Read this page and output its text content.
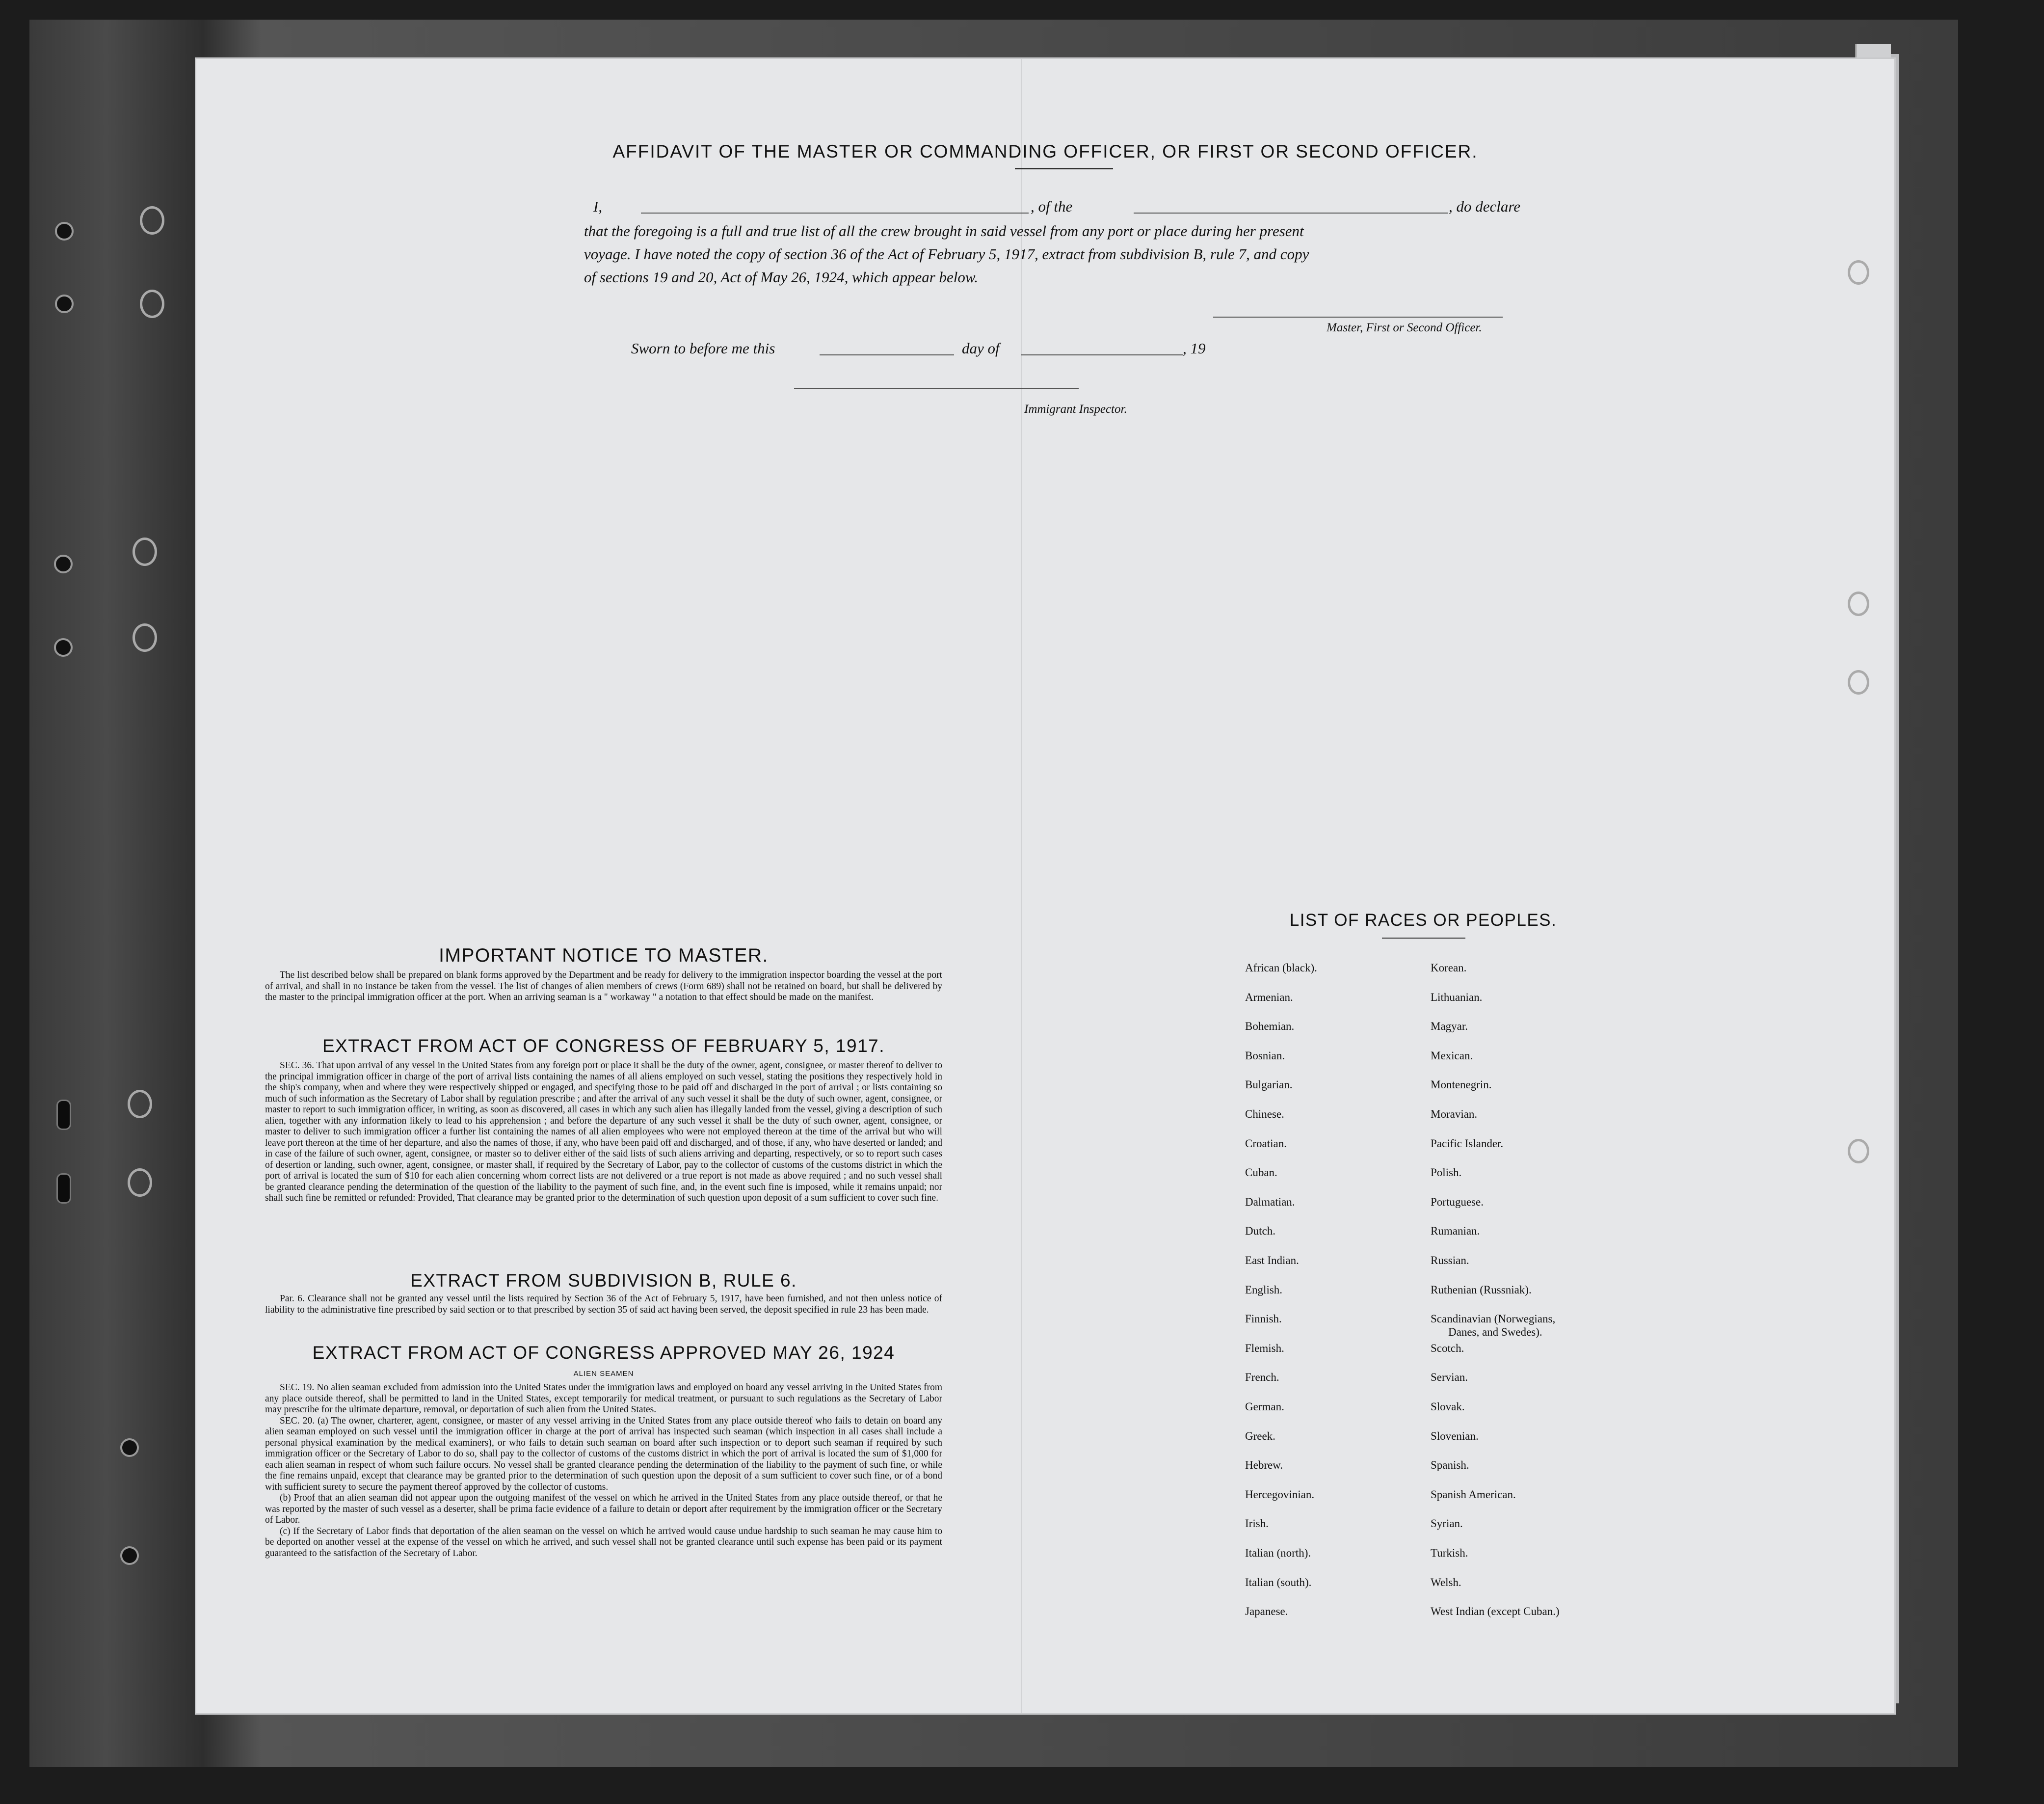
AFFIDAVIT OF THE MASTER OR COMMANDING OFFICER, OR FIRST OR SECOND OFFICER.
I,	, of the	, do declare
that the foregoing is a full and true list of all the crew brought in said vessel from any port or place during her present
voyage. I have noted the copy of section 36 of the Act of February 5, 1917, extract from subdivision B, rule 7, and copy
of sections 19 and 20, Act of May 26, 1924, which appear below.
Master, First or Second Officer.
Sworn to before me this	day of	, 19
Immigrant Inspector.
IMPORTANT NOTICE TO MASTER.

The list described below shall be prepared on blank forms approved by the Department and be ready for delivery to the immigration inspector boarding the vessel at the port of arrival, and shall in no instance be taken from the vessel. The list of changes of alien members of crews (Form 689) shall not be retained on board, but shall be delivered by the master to the principal immigration officer at the port. When an arriving seaman is a " workaway " a notation to that effect should be made on the manifest.

EXTRACT FROM ACT OF CONGRESS OF FEBRUARY 5, 1917.

SEC. 36. That upon arrival of any vessel in the United States from any foreign port or place it shall be the duty of the owner, agent, consignee, or master thereof to deliver to the principal immigration officer in charge of the port of arrival lists containing the names of all aliens employed on such vessel, stating the positions they respectively hold in the ship's company, when and where they were respectively shipped or engaged, and specifying those to be paid off and discharged in the port of arrival ; or lists containing so much of such information as the Secretary of Labor shall by regulation prescribe ; and after the arrival of any such vessel it shall be the duty of such owner, agent, consignee, or master to report to such immigration officer, in writing, as soon as discovered, all cases in which any such alien has illegally landed from the vessel, giving a description of such alien, together with any information likely to lead to his apprehension ; and before the departure of any such vessel it shall be the duty of such owner, agent, consignee, or master to deliver to such immigration officer a further list containing the names of all alien employees who were not employed thereon at the time of the arrival but who will leave port thereon at the time of her departure, and also the names of those, if any, who have been paid off and discharged, and of those, if any, who have deserted or landed; and in case of the failure of such owner, agent, consignee, or master so to deliver either of the said lists of such aliens arriving and departing, respectively, or so to report such cases of desertion or landing, such owner, agent, consignee, or master shall, if required by the Secretary of Labor, pay to the collector of customs of the customs district in which the port of arrival is located the sum of $10 for each alien concerning whom correct lists are not delivered or a true report is not made as above required ; and no such vessel shall be granted clearance pending the determination of the question of the liability to the payment of such fine, and, in the event such fine is imposed, while it remains unpaid; nor shall such fine be remitted or refunded: Provided, That clearance may be granted prior to the determination of such question upon deposit of a sum sufficient to cover such fine.

EXTRACT FROM SUBDIVISION B, RULE 6.

Par. 6. Clearance shall not be granted any vessel until the lists required by Section 36 of the Act of February 5, 1917, have been furnished, and not then unless notice of liability to the administrative fine prescribed by said section or to that prescribed by section 35 of said act having been served, the deposit specified in rule 23 has been made.

EXTRACT FROM ACT OF CONGRESS APPROVED MAY 26, 1924
ALIEN SEAMEN

SEC. 19. No alien seaman excluded from admission into the United States under the immigration laws and employed on board any vessel arriving in the United States from any place outside thereof, shall be permitted to land in the United States, except temporarily for medical treatment, or pursuant to such regulations as the Secretary of Labor may prescribe for the ultimate departure, removal, or deportation of such alien from the United States.

SEC. 20. (a) The owner, charterer, agent, consignee, or master of any vessel arriving in the United States from any place outside thereof who fails to detain on board any alien seaman employed on such vessel until the immigration officer in charge at the port of arrival has inspected such seaman (which inspection in all cases shall include a personal physical examination by the medical examiners), or who fails to detain such seaman on board after such inspection or to deport such seaman if required by such immigration officer or the Secretary of Labor to do so, shall pay to the collector of customs of the customs district in which the port of arrival is located the sum of $1,000 for each alien seaman in respect of whom such failure occurs. No vessel shall be granted clearance pending the determination of the liability to the payment of such fine, or while the fine remains unpaid, except that clearance may be granted prior to the determination of such question upon the deposit of a sum sufficient to cover such fine, or of a bond with sufficient surety to secure the payment thereof approved by the collector of customs.

(b) Proof that an alien seaman did not appear upon the outgoing manifest of the vessel on which he arrived in the United States from any place outside thereof, or that he was reported by the master of such vessel as a deserter, shall be prima facie evidence of a failure to detain or deport after requirement by the immigration officer or the Secretary of Labor.

(c) If the Secretary of Labor finds that deportation of the alien seaman on the vessel on which he arrived would cause undue hardship to such seaman he may cause him to be deported on another vessel at the expense of the vessel on which he arrived, and such vessel shall not be granted clearance until such expense has been paid or its payment guaranteed to the satisfaction of the Secretary of Labor.

LIST OF RACES OR PEOPLES.
African (black).	Korean.
Armenian.	Lithuanian.
Bohemian.	Magyar.
Bosnian.	Mexican.
Bulgarian.	Montenegrin.
Chinese.	Moravian.
Croatian.	Pacific Islander.
Cuban.	Polish.
Dalmatian.	Portuguese.
Dutch.	Rumanian.
East Indian.	Russian.
English.	Ruthenian (Russniak).
Finnish.	Scandinavian (Norwegians,
Danes, and Swedes).
Flemish.	Scotch.
French.	Servian.
German.	Slovak.
Greek.	Slovenian.
Hebrew.	Spanish.
Hercegovinian.	Spanish American.
Irish.	Syrian.
Italian (north).	Turkish.
Italian (south).	Welsh.
Japanese.	West Indian (except Cuban.)
